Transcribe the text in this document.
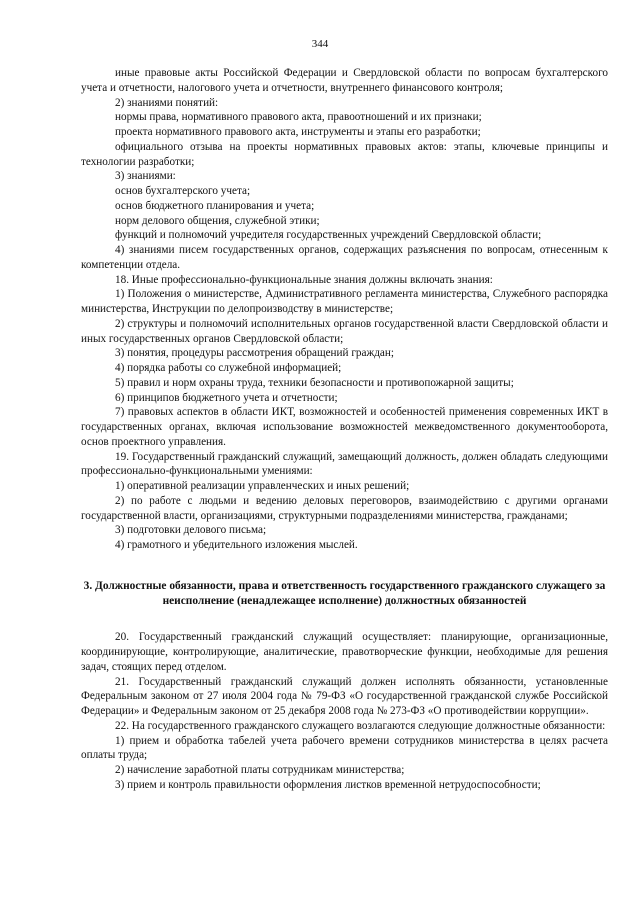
344
иные правовые акты Российской Федерации и Свердловской области по вопросам бухгалтерского учета и отчетности, налогового учета и отчетности, внутреннего финансового контроля;
2) знаниями понятий:
нормы права, нормативного правового акта, правоотношений и их признаки;
проекта нормативного правового акта, инструменты и этапы его разработки;
официального отзыва на проекты нормативных правовых актов: этапы, ключевые принципы и технологии разработки;
3) знаниями:
основ бухгалтерского учета;
основ бюджетного планирования и учета;
норм делового общения, служебной этики;
функций и полномочий учредителя государственных учреждений Свердловской области;
4) знаниями писем государственных органов, содержащих разъяснения по вопросам, отнесенным к компетенции отдела.
18. Иные профессионально-функциональные знания должны включать знания:
1) Положения о министерстве, Административного регламента министерства, Служебного распорядка министерства, Инструкции по делопроизводству в министерстве;
2) структуры и полномочий исполнительных органов государственной власти Свердловской области и иных государственных органов Свердловской области;
3) понятия, процедуры рассмотрения обращений граждан;
4) порядка работы со служебной информацией;
5) правил и норм охраны труда, техники безопасности и противопожарной защиты;
6) принципов бюджетного учета и отчетности;
7) правовых аспектов в области ИКТ, возможностей и особенностей применения современных ИКТ в государственных органах, включая использование возможностей межведомственного документооборота, основ проектного управления.
19. Государственный гражданский служащий, замещающий должность, должен обладать следующими профессионально-функциональными умениями:
1) оперативной реализации управленческих и иных решений;
2) по работе с людьми и ведению деловых переговоров, взаимодействию с другими органами государственной власти, организациями, структурными подразделениями министерства, гражданами;
3) подготовки делового письма;
4) грамотного и убедительного изложения мыслей.
3. Должностные обязанности, права и ответственность государственного гражданского служащего за неисполнение (ненадлежащее исполнение) должностных обязанностей
20. Государственный гражданский служащий осуществляет: планирующие, организационные, координирующие, контролирующие, аналитические, правотворческие функции, необходимые для решения задач, стоящих перед отделом.
21. Государственный гражданский служащий должен исполнять обязанности, установленные Федеральным законом от 27 июля 2004 года № 79-ФЗ «О государственной гражданской службе Российской Федерации» и Федеральным законом от 25 декабря 2008 года № 273-ФЗ «О противодействии коррупции».
22. На государственного гражданского служащего возлагаются следующие должностные обязанности:
1) прием и обработка табелей учета рабочего времени сотрудников министерства в целях расчета оплаты труда;
2) начисление заработной платы сотрудникам министерства;
3) прием и контроль правильности оформления листков временной нетрудоспособности;
